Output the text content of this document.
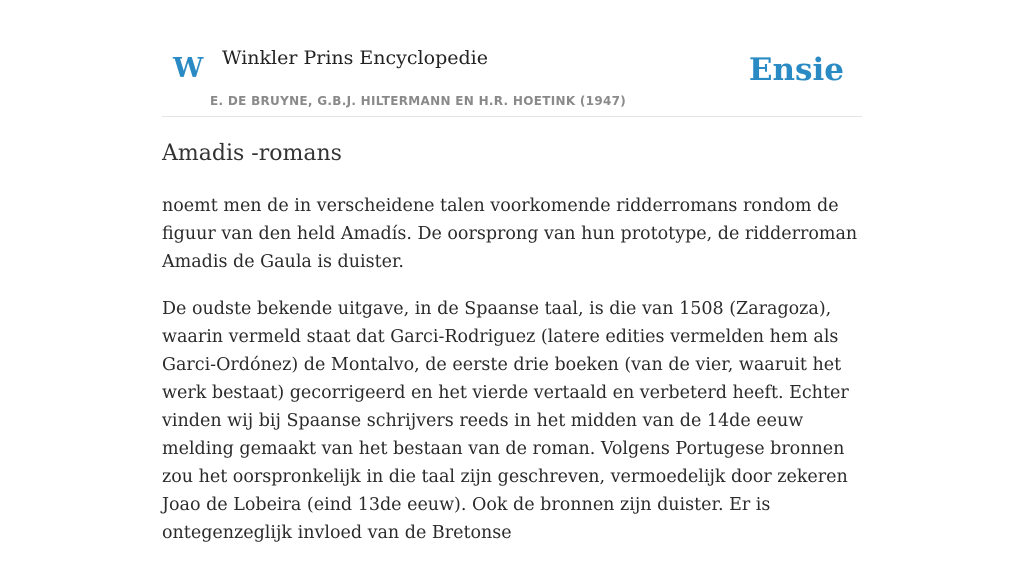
W Winkler Prins Encyclopedie
E. DE BRUYNE, G.B.J. HILTERMANN EN H.R. HOETINK (1947)
Ensie
Amadis -romans

noemt men de in verscheidene talen voorkomende ridderromans rondom de figuur van den held Amadís. De oorsprong van hun prototype, de ridderroman Amadis de Gaula is duister.

De oudste bekende uitgave, in de Spaanse taal, is die van 1508 (Zaragoza), waarin vermeld staat dat Garci-Rodriguez (latere edities vermelden hem als Garci-Ordónez) de Montalvo, de eerste drie boeken (van de vier, waaruit het werk bestaat) gecorrigeerd en het vierde vertaald en verbeterd heeft. Echter vinden wij bij Spaanse schrijvers reeds in het midden van de 14de eeuw melding gemaakt van het bestaan van de roman. Volgens Portugese bronnen zou het oorspronkelijk in die taal zijn geschreven, vermoedelijk door zekeren Joao de Lobeira (eind 13de eeuw). Ook de bronnen zijn duister. Er is ontegenzeglijk invloed van de Bretonse
